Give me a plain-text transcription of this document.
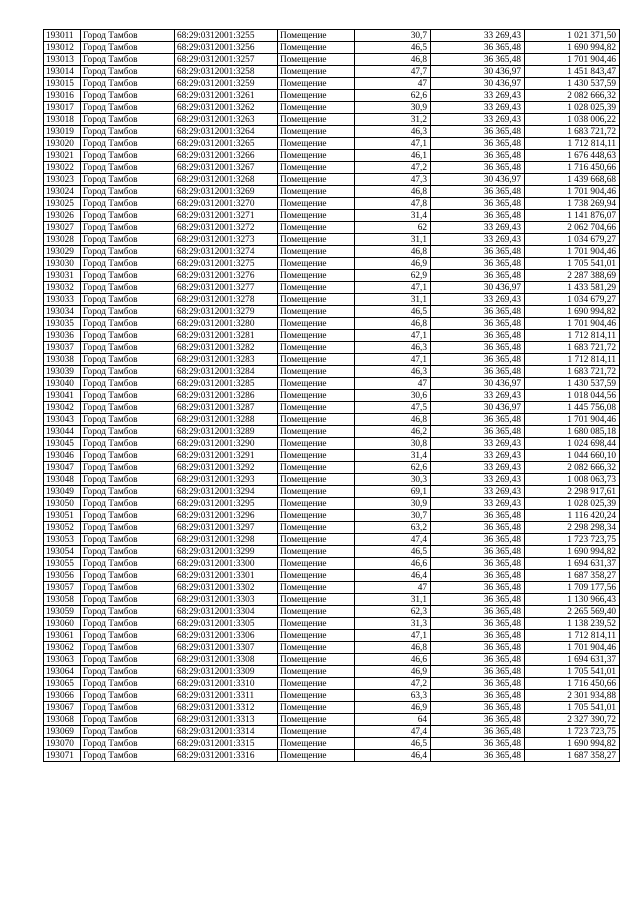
193011	Город Тамбов	68:29:0312001:3255	Помещение	30,7	33 269,43	1 021 371,50
193012	Город Тамбов	68:29:0312001:3256	Помещение	46,5	36 365,48	1 690 994,82
193013	Город Тамбов	68:29:0312001:3257	Помещение	46,8	36 365,48	1 701 904,46
193014	Город Тамбов	68:29:0312001:3258	Помещение	47,7	30 436,97	1 451 843,47
193015	Город Тамбов	68:29:0312001:3259	Помещение	47	30 436,97	1 430 537,59
193016	Город Тамбов	68:29:0312001:3261	Помещение	62,6	33 269,43	2 082 666,32
193017	Город Тамбов	68:29:0312001:3262	Помещение	30,9	33 269,43	1 028 025,39
193018	Город Тамбов	68:29:0312001:3263	Помещение	31,2	33 269,43	1 038 006,22
193019	Город Тамбов	68:29:0312001:3264	Помещение	46,3	36 365,48	1 683 721,72
193020	Город Тамбов	68:29:0312001:3265	Помещение	47,1	36 365,48	1 712 814,11
193021	Город Тамбов	68:29:0312001:3266	Помещение	46,1	36 365,48	1 676 448,63
193022	Город Тамбов	68:29:0312001:3267	Помещение	47,2	36 365,48	1 716 450,66
193023	Город Тамбов	68:29:0312001:3268	Помещение	47,3	30 436,97	1 439 668,68
193024	Город Тамбов	68:29:0312001:3269	Помещение	46,8	36 365,48	1 701 904,46
193025	Город Тамбов	68:29:0312001:3270	Помещение	47,8	36 365,48	1 738 269,94
193026	Город Тамбов	68:29:0312001:3271	Помещение	31,4	36 365,48	1 141 876,07
193027	Город Тамбов	68:29:0312001:3272	Помещение	62	33 269,43	2 062 704,66
193028	Город Тамбов	68:29:0312001:3273	Помещение	31,1	33 269,43	1 034 679,27
193029	Город Тамбов	68:29:0312001:3274	Помещение	46,8	36 365,48	1 701 904,46
193030	Город Тамбов	68:29:0312001:3275	Помещение	46,9	36 365,48	1 705 541,01
193031	Город Тамбов	68:29:0312001:3276	Помещение	62,9	36 365,48	2 287 388,69
193032	Город Тамбов	68:29:0312001:3277	Помещение	47,1	30 436,97	1 433 581,29
193033	Город Тамбов	68:29:0312001:3278	Помещение	31,1	33 269,43	1 034 679,27
193034	Город Тамбов	68:29:0312001:3279	Помещение	46,5	36 365,48	1 690 994,82
193035	Город Тамбов	68:29:0312001:3280	Помещение	46,8	36 365,48	1 701 904,46
193036	Город Тамбов	68:29:0312001:3281	Помещение	47,1	36 365,48	1 712 814,11
193037	Город Тамбов	68:29:0312001:3282	Помещение	46,3	36 365,48	1 683 721,72
193038	Город Тамбов	68:29:0312001:3283	Помещение	47,1	36 365,48	1 712 814,11
193039	Город Тамбов	68:29:0312001:3284	Помещение	46,3	36 365,48	1 683 721,72
193040	Город Тамбов	68:29:0312001:3285	Помещение	47	30 436,97	1 430 537,59
193041	Город Тамбов	68:29:0312001:3286	Помещение	30,6	33 269,43	1 018 044,56
193042	Город Тамбов	68:29:0312001:3287	Помещение	47,5	30 436,97	1 445 756,08
193043	Город Тамбов	68:29:0312001:3288	Помещение	46,8	36 365,48	1 701 904,46
193044	Город Тамбов	68:29:0312001:3289	Помещение	46,2	36 365,48	1 680 085,18
193045	Город Тамбов	68:29:0312001:3290	Помещение	30,8	33 269,43	1 024 698,44
193046	Город Тамбов	68:29:0312001:3291	Помещение	31,4	33 269,43	1 044 660,10
193047	Город Тамбов	68:29:0312001:3292	Помещение	62,6	33 269,43	2 082 666,32
193048	Город Тамбов	68:29:0312001:3293	Помещение	30,3	33 269,43	1 008 063,73
193049	Город Тамбов	68:29:0312001:3294	Помещение	69,1	33 269,43	2 298 917,61
193050	Город Тамбов	68:29:0312001:3295	Помещение	30,9	33 269,43	1 028 025,39
193051	Город Тамбов	68:29:0312001:3296	Помещение	30,7	36 365,48	1 116 420,24
193052	Город Тамбов	68:29:0312001:3297	Помещение	63,2	36 365,48	2 298 298,34
193053	Город Тамбов	68:29:0312001:3298	Помещение	47,4	36 365,48	1 723 723,75
193054	Город Тамбов	68:29:0312001:3299	Помещение	46,5	36 365,48	1 690 994,82
193055	Город Тамбов	68:29:0312001:3300	Помещение	46,6	36 365,48	1 694 631,37
193056	Город Тамбов	68:29:0312001:3301	Помещение	46,4	36 365,48	1 687 358,27
193057	Город Тамбов	68:29:0312001:3302	Помещение	47	36 365,48	1 709 177,56
193058	Город Тамбов	68:29:0312001:3303	Помещение	31,1	36 365,48	1 130 966,43
193059	Город Тамбов	68:29:0312001:3304	Помещение	62,3	36 365,48	2 265 569,40
193060	Город Тамбов	68:29:0312001:3305	Помещение	31,3	36 365,48	1 138 239,52
193061	Город Тамбов	68:29:0312001:3306	Помещение	47,1	36 365,48	1 712 814,11
193062	Город Тамбов	68:29:0312001:3307	Помещение	46,8	36 365,48	1 701 904,46
193063	Город Тамбов	68:29:0312001:3308	Помещение	46,6	36 365,48	1 694 631,37
193064	Город Тамбов	68:29:0312001:3309	Помещение	46,9	36 365,48	1 705 541,01
193065	Город Тамбов	68:29:0312001:3310	Помещение	47,2	36 365,48	1 716 450,66
193066	Город Тамбов	68:29:0312001:3311	Помещение	63,3	36 365,48	2 301 934,88
193067	Город Тамбов	68:29:0312001:3312	Помещение	46,9	36 365,48	1 705 541,01
193068	Город Тамбов	68:29:0312001:3313	Помещение	64	36 365,48	2 327 390,72
193069	Город Тамбов	68:29:0312001:3314	Помещение	47,4	36 365,48	1 723 723,75
193070	Город Тамбов	68:29:0312001:3315	Помещение	46,5	36 365,48	1 690 994,82
193071	Город Тамбов	68:29:0312001:3316	Помещение	46,4	36 365,48	1 687 358,27
